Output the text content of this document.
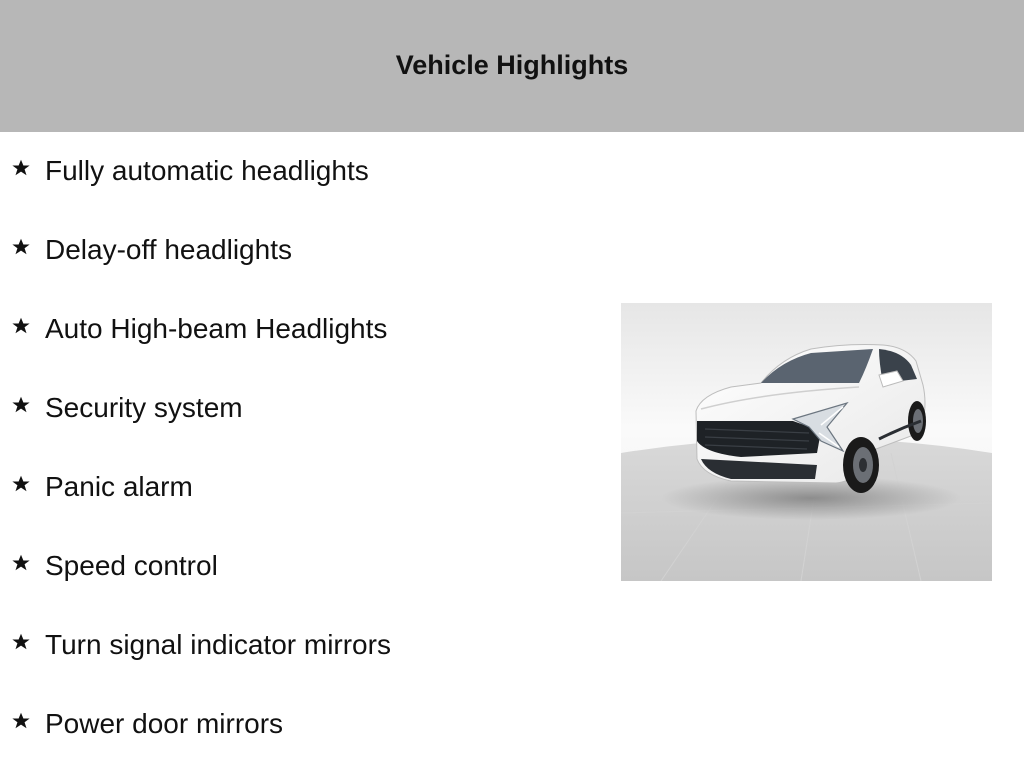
Vehicle Highlights
Fully automatic headlights
Delay-off headlights
Auto High-beam Headlights
Security system
Panic alarm
Speed control
Turn signal indicator mirrors
Power door mirrors
